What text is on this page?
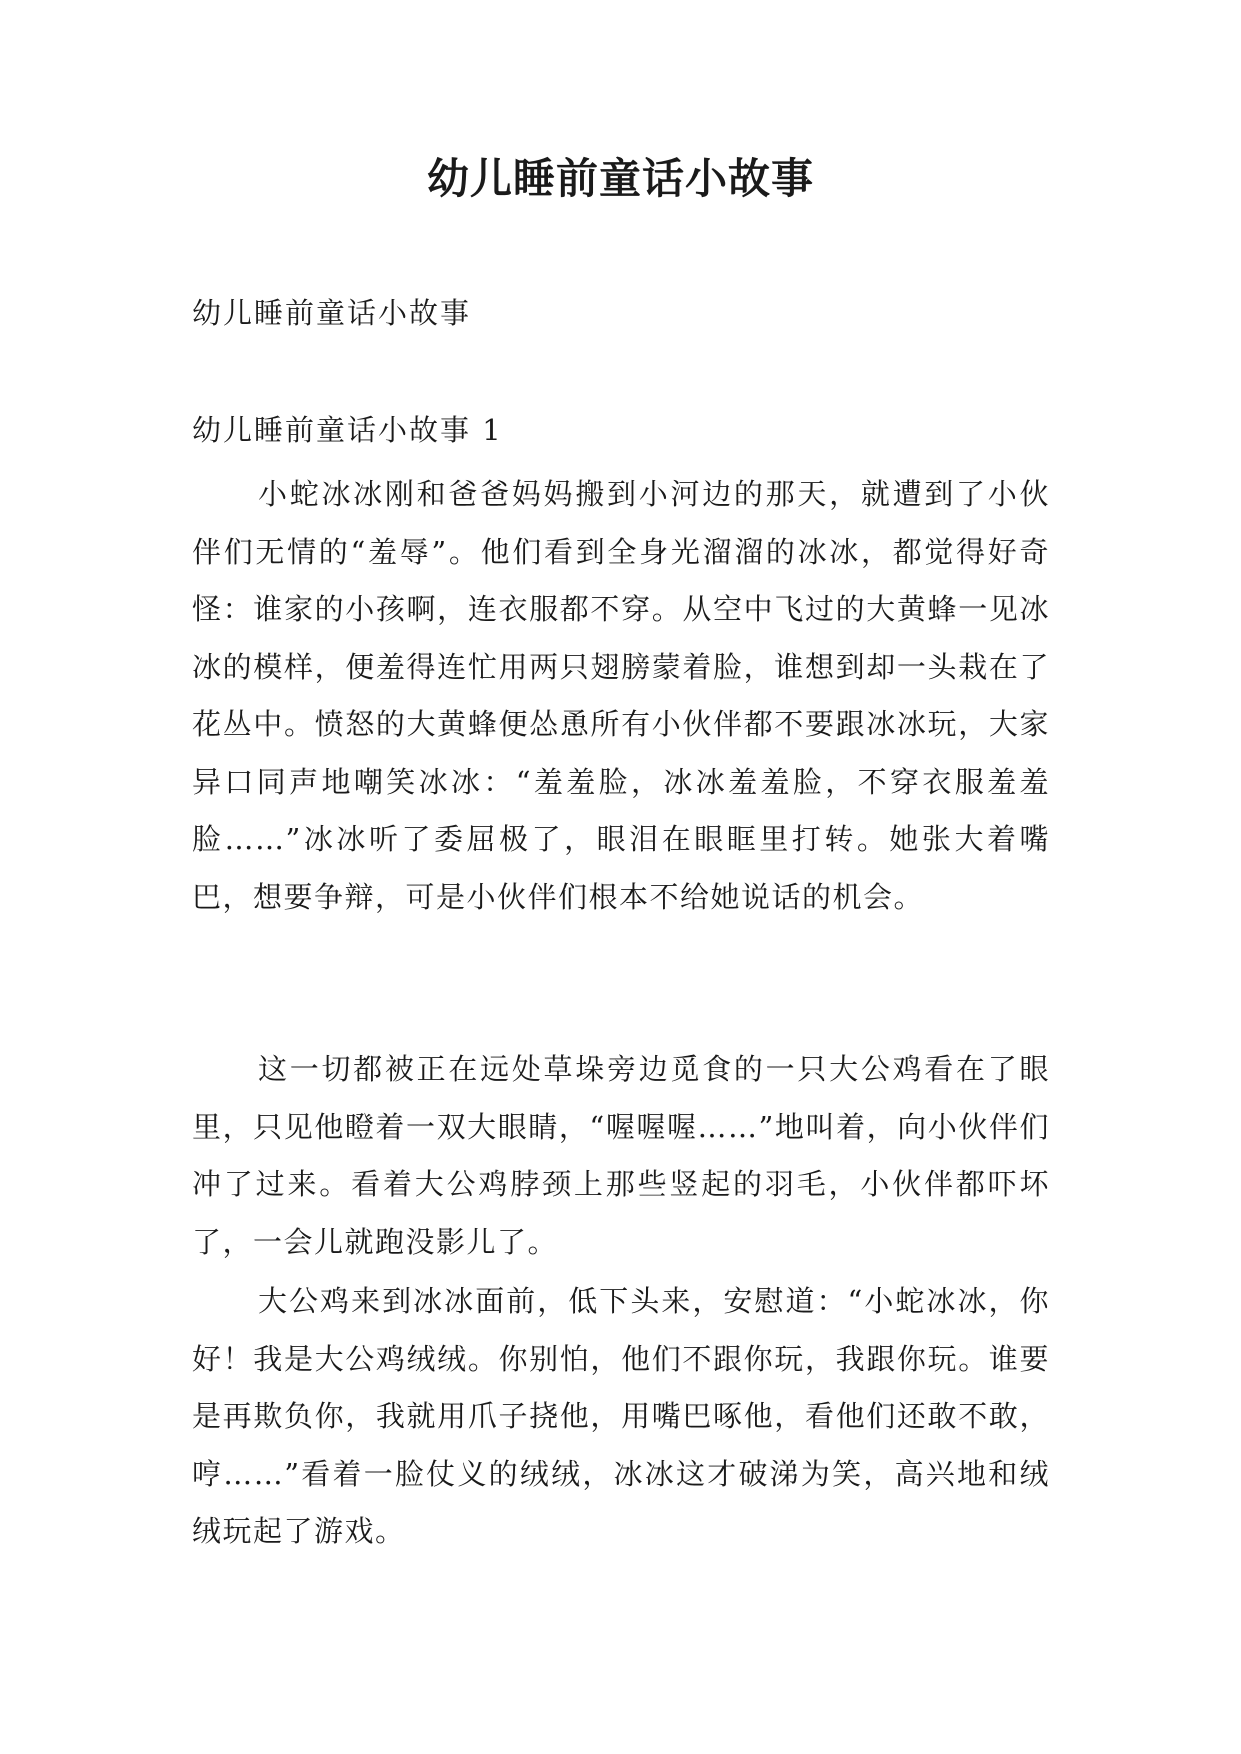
幼儿睡前童话小故事

幼儿睡前童话小故事

幼儿睡前童话小故事 1

小蛇冰冰刚和爸爸妈妈搬到小河边的那天，就遭到了小伙伴们无情的“羞辱”。他们看到全身光溜溜的冰冰，都觉得好奇怪：谁家的小孩啊，连衣服都不穿。从空中飞过的大黄蜂一见冰冰的模样，便羞得连忙用两只翅膀蒙着脸，谁想到却一头栽在了花丛中。愤怒的大黄蜂便怂恿所有小伙伴都不要跟冰冰玩，大家异口同声地嘲笑冰冰：“羞羞脸，冰冰羞羞脸，不穿衣服羞羞脸……”冰冰听了委屈极了，眼泪在眼眶里打转。她张大着嘴巴，想要争辩，可是小伙伴们根本不给她说话的机会。

这一切都被正在远处草垛旁边觅食的一只大公鸡看在了眼里，只见他瞪着一双大眼睛，“喔喔喔……”地叫着，向小伙伴们冲了过来。看着大公鸡脖颈上那些竖起的羽毛，小伙伴都吓坏了，一会儿就跑没影儿了。

大公鸡来到冰冰面前，低下头来，安慰道：“小蛇冰冰，你好！我是大公鸡绒绒。你别怕，他们不跟你玩，我跟你玩。谁要是再欺负你，我就用爪子挠他，用嘴巴啄他，看他们还敢不敢，哼……”看着一脸仗义的绒绒，冰冰这才破涕为笑，高兴地和绒绒玩起了游戏。
